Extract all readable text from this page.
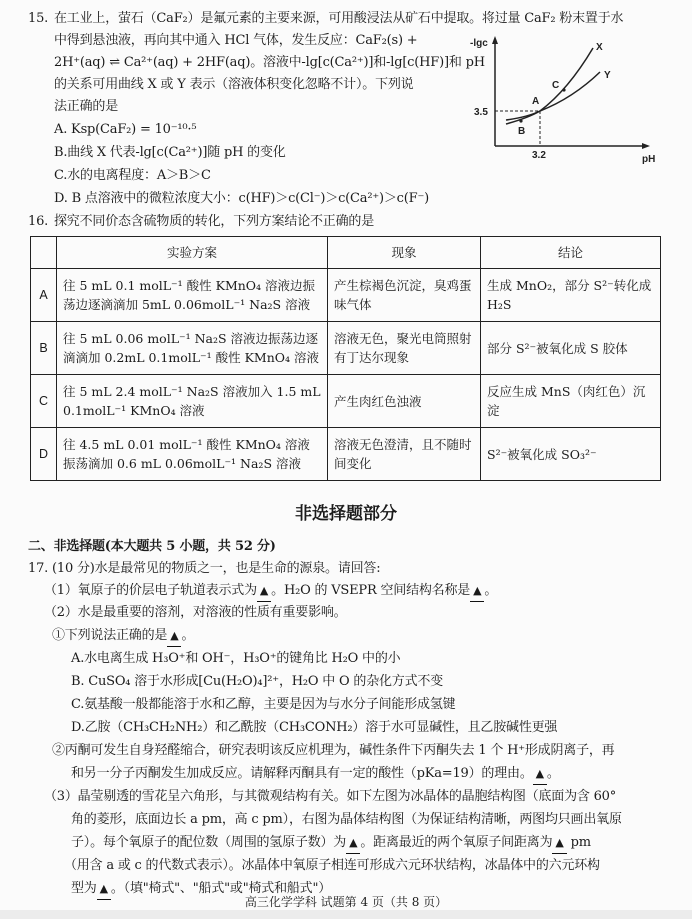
15. 在工业上，萤石（CaF₂）是氟元素的主要来源，可用酸浸法从矿石中提取。将过量 CaF₂ 粉末置于水
中得到悬浊液，再向其中通入 HCl 气体，发生反应：CaF₂(s) +
2H⁺(aq) ⇌ Ca²⁺(aq) + 2HF(aq)。溶液中-lg[c(Ca²⁺)]和-lg[c(HF)]和 pH
的关系可用曲线 X 或 Y 表示（溶液体积变化忽略不计）。下列说
法正确的是
A. Ksp(CaF₂) = 10⁻¹⁰·⁵
B.曲线 X 代表-lg[c(Ca²⁺)]随 pH 的变化
C.水的电离程度：A＞B＞C
D. B 点溶液中的微粒浓度大小：c(HF)＞c(Cl⁻)＞c(Ca²⁺)＞c(F⁻)
-lgc
pH
3.5
3.2
X
Y
A
B
C
16. 探究不同价态含硫物质的转化，下列方案结论不正确的是
	实验方案	现象	结论
A	往 5 mL 0.1 molL⁻¹ 酸性 KMnO₄ 溶液边振荡边逐滴滴加 5mL 0.06molL⁻¹ Na₂S 溶液	产生棕褐色沉淀，臭鸡蛋味气体	生成 MnO₂，部分 S²⁻转化成 H₂S
B	往 5 mL 0.06 molL⁻¹ Na₂S 溶液边振荡边逐滴滴加 0.2mL 0.1molL⁻¹ 酸性 KMnO₄ 溶液	溶液无色，聚光电筒照射有丁达尔现象	部分 S²⁻被氧化成 S 胶体
C	往 5 mL 2.4 molL⁻¹ Na₂S 溶液加入 1.5 mL 0.1molL⁻¹ KMnO₄ 溶液	产生肉红色浊液	反应生成 MnS（肉红色）沉淀
D	往 4.5 mL 0.01 molL⁻¹ 酸性 KMnO₄ 溶液振荡滴加 0.6 mL 0.06molL⁻¹ Na₂S 溶液	溶液无色澄清，且不随时间变化	S²⁻被氧化成 SO₃²⁻
非选择题部分
二、非选择题(本大题共 5 小题，共 52 分)
17. (10 分)水是最常见的物质之一，也是生命的源泉。请回答:
（1）氧原子的价层电子轨道表示式为 ▲ 。H₂O 的 VSEPR 空间结构名称是 ▲ 。
（2）水是最重要的溶剂，对溶液的性质有重要影响。
①下列说法正确的是 ▲ 。
A.水电离生成 H₃O⁺和 OH⁻，H₃O⁺的键角比 H₂O 中的小
B. CuSO₄ 溶于水形成[Cu(H₂O)₄]²⁺，H₂O 中 O 的杂化方式不变
C.氨基酸一般都能溶于水和乙醇，主要是因为与水分子间能形成氢键
D.乙胺（CH₃CH₂NH₂）和乙酰胺（CH₃CONH₂）溶于水可显碱性，且乙胺碱性更强
②丙酮可发生自身羟醛缩合，研究表明该反应机理为，碱性条件下丙酮失去 1 个 H⁺形成阴离子，再
和另一分子丙酮发生加成反应。请解释丙酮具有一定的酸性（pKa=19）的理由。 ▲ 。
（3）晶莹剔透的雪花呈六角形，与其微观结构有关。如下左图为冰晶体的晶胞结构图（底面为含 60°
角的菱形，底面边长 a pm，高 c pm），右图为晶体结构图（为保证结构清晰，两图均只画出氧原
子）。每个氧原子的配位数（周围的氢原子数）为 ▲ 。距离最近的两个氧原子间距离为 ▲ pm
（用含 a 或 c 的代数式表示）。冰晶体中氧原子相连可形成六元环状结构，冰晶体中的六元环构
型为 ▲ 。（填"椅式"、"船式"或"椅式和船式"）
高三化学学科 试题第 4 页（共 8 页）
